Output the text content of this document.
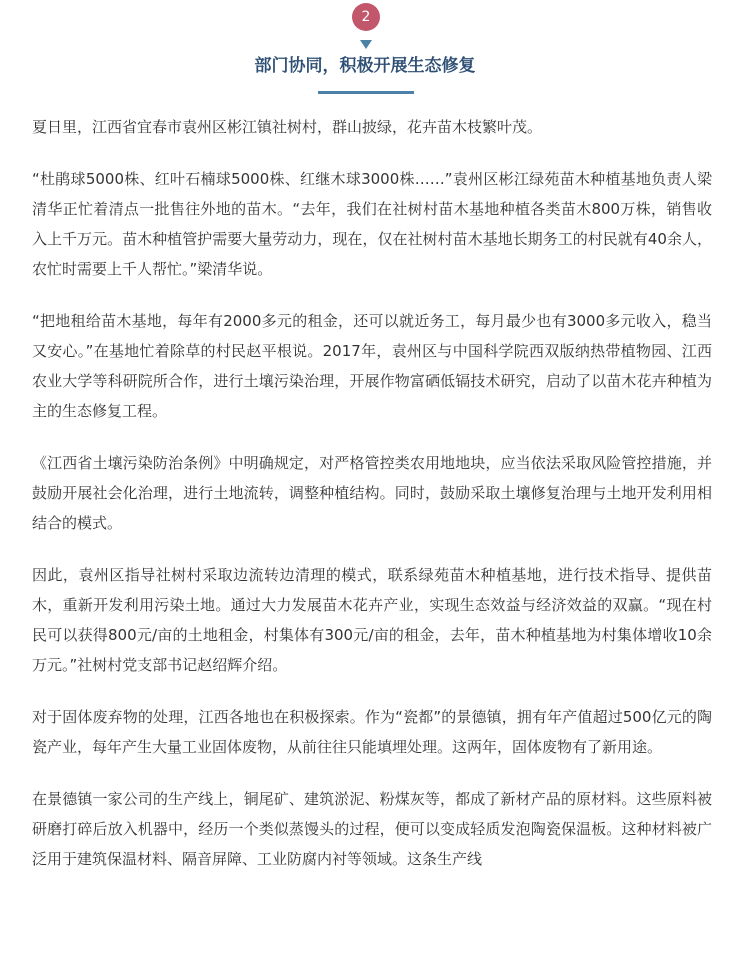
2
部门协同，积极开展生态修复

夏日里，江西省宜春市袁州区彬江镇社树村，群山披绿，花卉苗木枝繁叶茂。

“杜鹃球5000株、红叶石楠球5000株、红继木球3000株……”袁州区彬江绿苑苗木种植基地负责人梁清华正忙着清点一批售往外地的苗木。“去年，我们在社树村苗木基地种植各类苗木800万株，销售收入上千万元。苗木种植管护需要大量劳动力，现在，仅在社树村苗木基地长期务工的村民就有40余人，农忙时需要上千人帮忙。”梁清华说。

“把地租给苗木基地，每年有2000多元的租金，还可以就近务工，每月最少也有3000多元收入，稳当又安心。”在基地忙着除草的村民赵平根说。2017年，袁州区与中国科学院西双版纳热带植物园、江西农业大学等科研院所合作，进行土壤污染治理，开展作物富硒低镉技术研究，启动了以苗木花卉种植为主的生态修复工程。

《江西省土壤污染防治条例》中明确规定，对严格管控类农用地地块，应当依法采取风险管控措施，并鼓励开展社会化治理，进行土地流转，调整种植结构。同时，鼓励采取土壤修复治理与土地开发利用相结合的模式。

因此，袁州区指导社树村采取边流转边清理的模式，联系绿苑苗木种植基地，进行技术指导、提供苗木，重新开发利用污染土地。通过大力发展苗木花卉产业，实现生态效益与经济效益的双赢。“现在村民可以获得800元/亩的土地租金，村集体有300元/亩的租金，去年，苗木种植基地为村集体增收10余万元。”社树村党支部书记赵绍辉介绍。

对于固体废弃物的处理，江西各地也在积极探索。作为“瓷都”的景德镇，拥有年产值超过500亿元的陶瓷产业，每年产生大量工业固体废物，从前往往只能填埋处理。这两年，固体废物有了新用途。

在景德镇一家公司的生产线上，铜尾矿、建筑淤泥、粉煤灰等，都成了新材产品的原材料。这些原料被研磨打碎后放入机器中，经历一个类似蒸馒头的过程，便可以变成轻质发泡陶瓷保温板。这种材料被广泛用于建筑保温材料、隔音屏障、工业防腐内衬等领域。这条生产线
